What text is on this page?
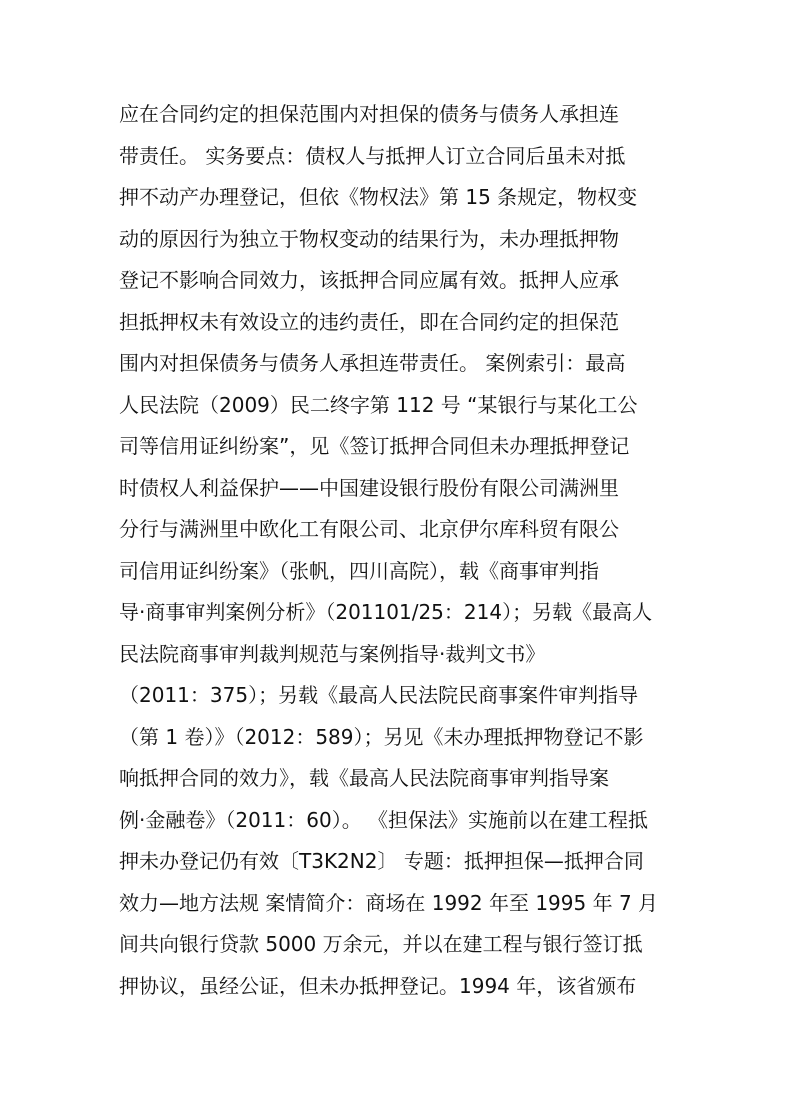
应在合同约定的担保范围内对担保的债务与债务人承担连
带责任。 实务要点：债权人与抵押人订立合同后虽未对抵
押不动产办理登记，但依《物权法》第 15 条规定，物权变
动的原因行为独立于物权变动的结果行为，未办理抵押物
登记不影响合同效力，该抵押合同应属有效。抵押人应承
担抵押权未有效设立的违约责任，即在合同约定的担保范
围内对担保债务与债务人承担连带责任。 案例索引：最高
人民法院（2009）民二终字第 112 号 “某银行与某化工公
司等信用证纠纷案”，见《签订抵押合同但未办理抵押登记
时债权人利益保护——中国建设银行股份有限公司满洲里
分行与满洲里中欧化工有限公司、北京伊尔库科贸有限公
司信用证纠纷案》（张帆，四川高院），载《商事审判指
导·商事审判案例分析》（201101/25：214）；另载《最高人
民法院商事审判裁判规范与案例指导·裁判文书》
（2011：375）；另载《最高人民法院民商事案件审判指导
（第 1 卷）》（2012：589）；另见《未办理抵押物登记不影
响抵押合同的效力》，载《最高人民法院商事审判指导案
例·金融卷》（2011：60）。 《担保法》实施前以在建工程抵
押未办登记仍有效〔T3K2N2〕 专题：抵押担保—抵押合同
效力—地方法规 案情简介：商场在 1992 年至 1995 年 7 月
间共向银行贷款 5000 万余元，并以在建工程与银行签订抵
押协议，虽经公证，但未办抵押登记。1994 年，该省颁布
